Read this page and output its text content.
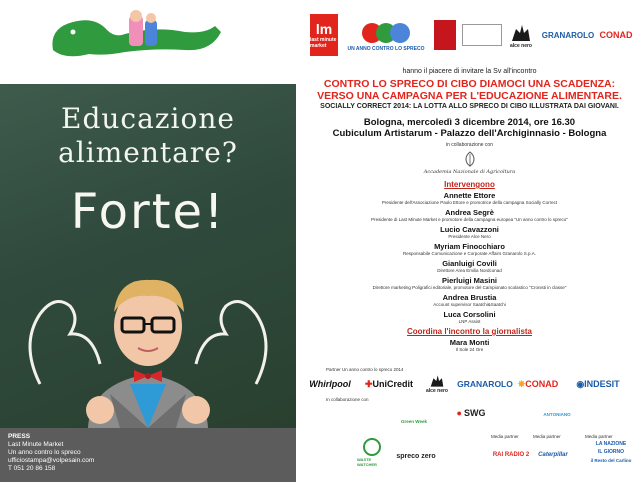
Educazione
alimentare?
Forte!
PRESS
Last Minute Market
Un anno contro lo spreco
ufficiostampa@volpesain.com
T 051 20 86 158
lm
last minute market	UN ANNO CONTRO LO SPRECO	alce nero
GRANAROLO CONAD
hanno il piacere di invitare la Sv all'incontro
CONTRO LO SPRECO DI CIBO DIAMOCI UNA SCADENZA:
VERSO UNA CAMPAGNA PER L'EDUCAZIONE ALIMENTARE.
SOCIALLY CORRECT 2014: LA LOTTA ALLO SPRECO DI CIBO ILLUSTRATA DAI GIOVANI.
Bologna, mercoledì 3 dicembre 2014, ore 16.30
Cubiculum Artistarum - Palazzo dell'Archiginnasio - Bologna
in collaborazione con
Accademia Nazionale di Agricoltura
Intervengono
Annette Ettore
Presidente dell'Associazione Paolo Ettore e promotrice della campagna Socially Correct
Andrea Segrè
Presidente di Last Minute Market e promotore della campagna europea "Un anno contro lo spreco"
Lucio Cavazzoni
Presidente Alce Nero
Myriam Finocchiaro
Responsabile Comunicazione e Corporate Affairs Granarolo S.p.A.
Gianluigi Covili
Direttore Area Emilia Nordconad
Pierluigi Masini
Direttore marketing Poligrafici editoriale, promotore del Campionato scolastico "Cronisti in classe"
Andrea Brustia
Account supervisor Saatchi&Saatchi
Luca Corsolini
LNP Assist
Coordina l'incontro la giornalista
Mara Monti
Il Sole 24 Ore
Partner Un anno contro lo spreco 2014
Whirlpool	✚ UniCredit
alce nero
GRANAROLO ✸ CONAD ◉ INDESIT
In collaborazione con
● SWG
Green Week
ANTONIANO
WASTE WATCHER
spreco zero	RAI RADIO 2	Caterpillar
LA NAZIONE
IL GIORNO
il Resto del Carlino
Media partner	Media partner	Media partner
